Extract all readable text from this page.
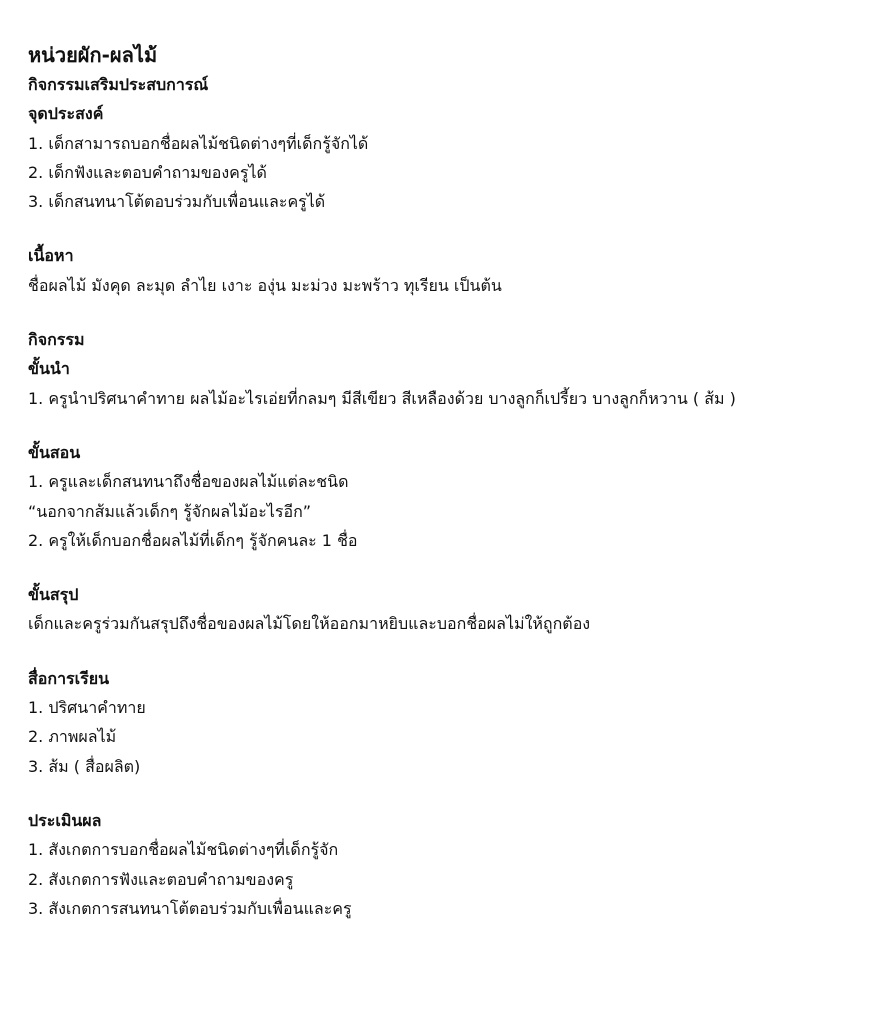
หน่วยผัก-ผลไม้
กิจกรรมเสริมประสบการณ์
จุดประสงค์
1. เด็กสามารถบอกชื่อผลไม้ชนิดต่างๆที่เด็กรู้จักได้
2. เด็กฟังและตอบคำถามของครูได้
3. เด็กสนทนาโต้ตอบร่วมกับเพื่อนและครูได้
เนื้อหา
ชื่อผลไม้ มังคุด ละมุด ลำไย เงาะ องุ่น มะม่วง มะพร้าว ทุเรียน เป็นต้น
กิจกรรม
ขั้นนำ
1. ครูนำปริศนาคำทาย ผลไม้อะไรเอ่ยที่กลมๆ มีสีเขียว สีเหลืองด้วย บางลูกก็เปรี้ยว บางลูกก็หวาน ( ส้ม )
ขั้นสอน
1. ครูและเด็กสนทนาถึงชื่อของผลไม้แต่ละชนิด
“นอกจากส้มแล้วเด็กๆ รู้จักผลไม้อะไรอีก”
2. ครูให้เด็กบอกชื่อผลไม้ที่เด็กๆ รู้จักคนละ 1 ชื่อ
ขั้นสรุป
เด็กและครูร่วมกันสรุปถึงชื่อของผลไม้โดยให้ออกมาหยิบและบอกชื่อผลไม่ให้ถูกต้อง
สื่อการเรียน
1. ปริศนาคำทาย
2. ภาพผลไม้
3. ส้ม ( สื่อผลิต)
ประเมินผล
1. สังเกตการบอกชื่อผลไม้ชนิดต่างๆที่เด็กรู้จัก
2. สังเกตการฟังและตอบคำถามของครู
3. สังเกตการสนทนาโต้ตอบร่วมกับเพื่อนและครู
